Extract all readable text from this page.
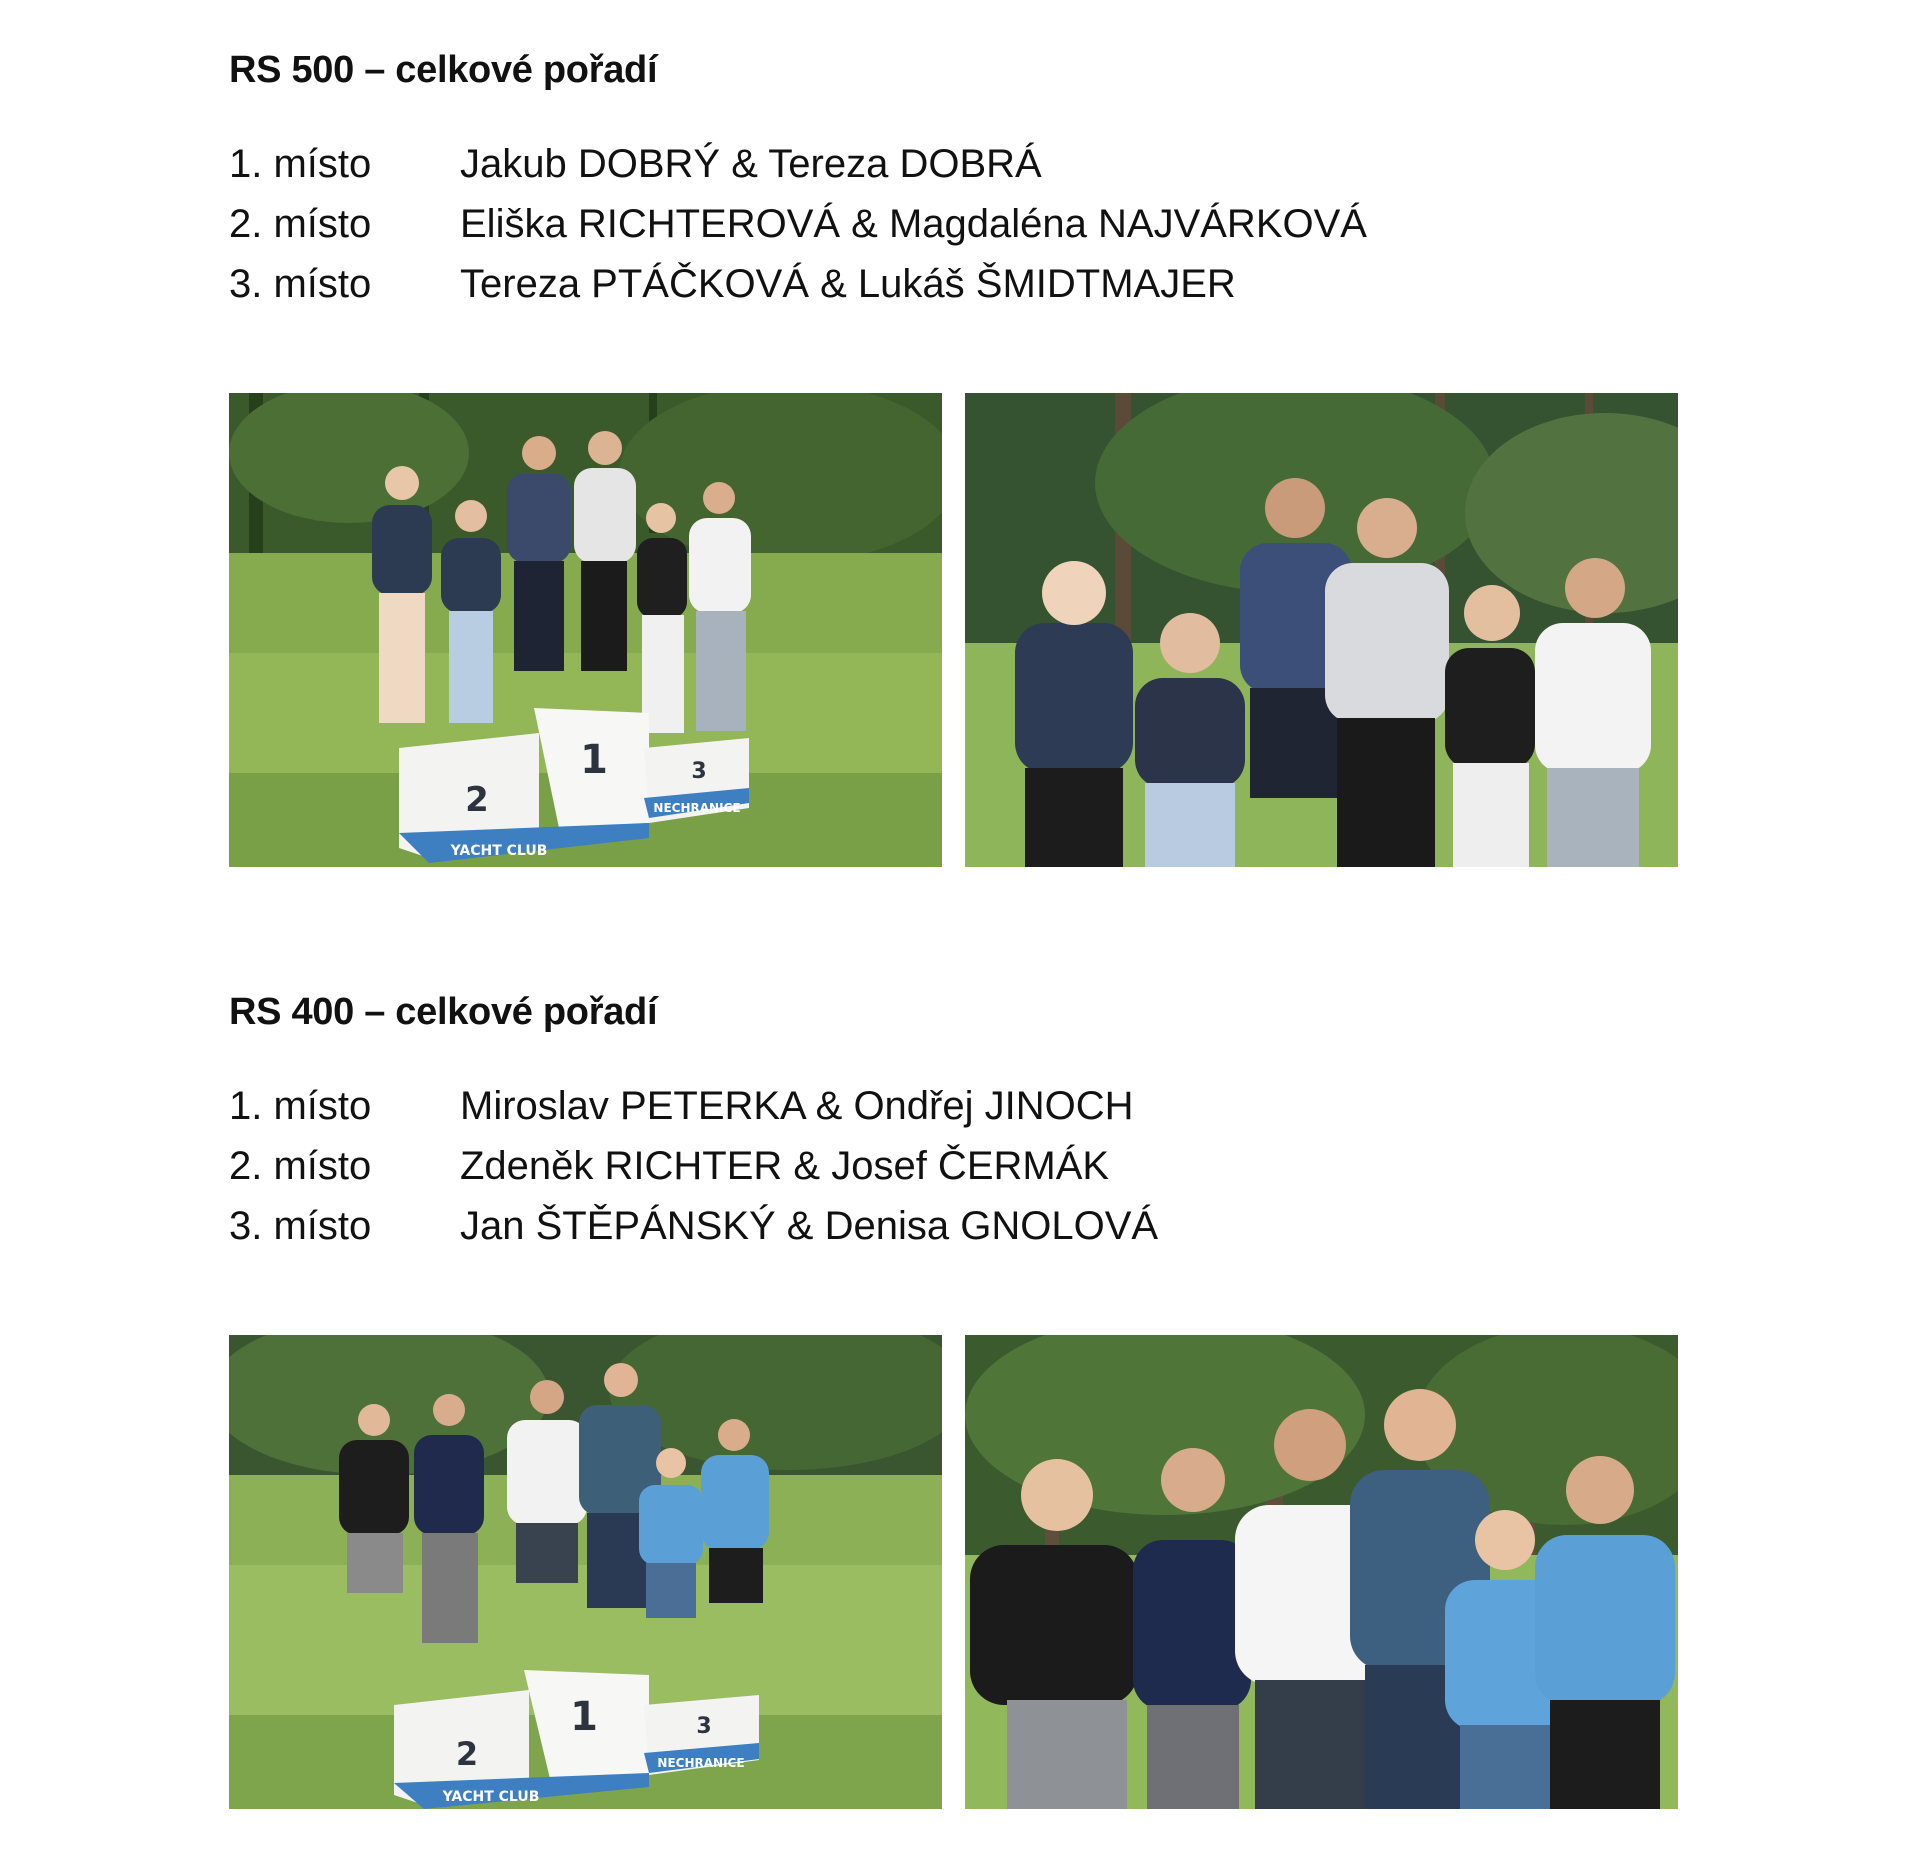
RS 500 – celkové pořadí
1. místo	Jakub DOBRÝ & Tereza DOBRÁ
2. místo	Eliška RICHTEROVÁ & Magdaléna NAJVÁRKOVÁ
3. místo	Tereza PTÁČKOVÁ & Lukáš ŠMIDTMAJER
2
1	3
YACHT CLUB
NECHRANICE
RS 400 – celkové pořadí
1. místo	Miroslav PETERKA & Ondřej JINOCH
2. místo	Zdeněk RICHTER & Josef ČERMÁK
3. místo	Jan ŠTĚPÁNSKÝ & Denisa GNOLOVÁ
2
1	3
YACHT CLUB
NECHRANICE
